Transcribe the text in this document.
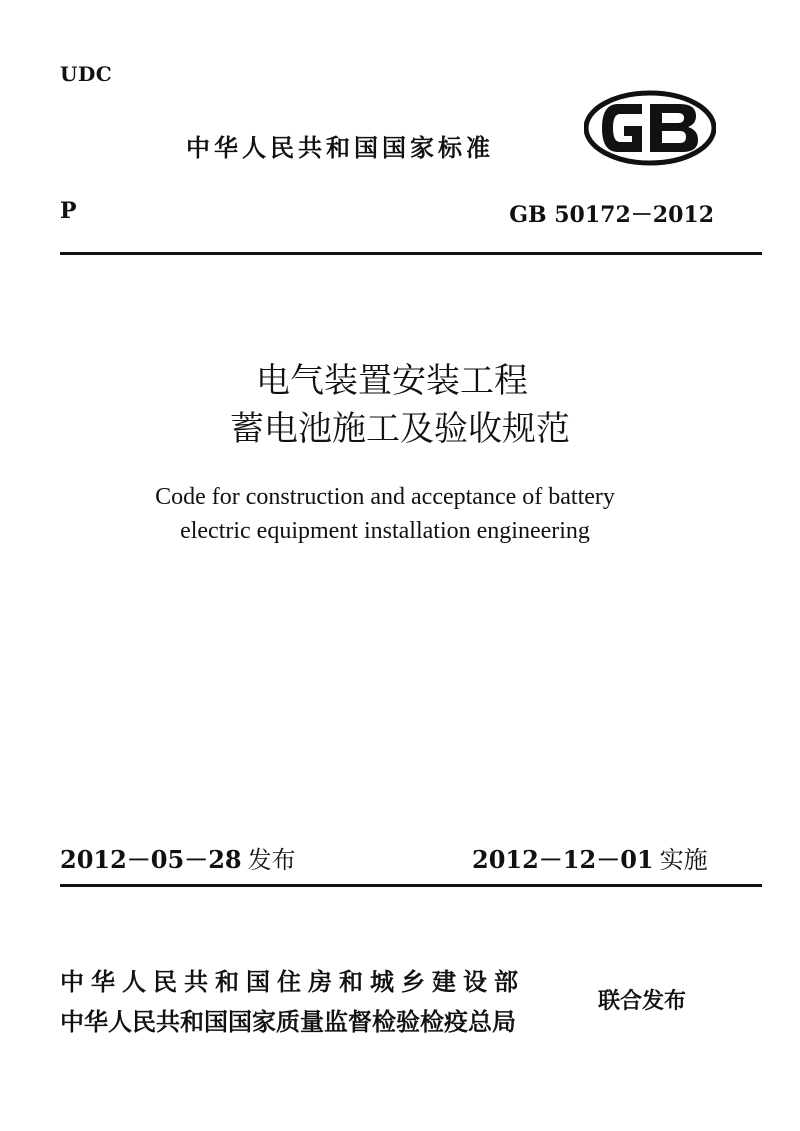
UDC
中华人民共和国国家标准
P	GB 50172－2012
电气装置安装工程
蓄电池施工及验收规范
Code for construction and acceptance of battery
electric equipment installation engineering
2012－05－28 发布	2012－12－01 实施
中华人民共和国住房和城乡建设部
中华人民共和国国家质量监督检验检疫总局
联合发布
